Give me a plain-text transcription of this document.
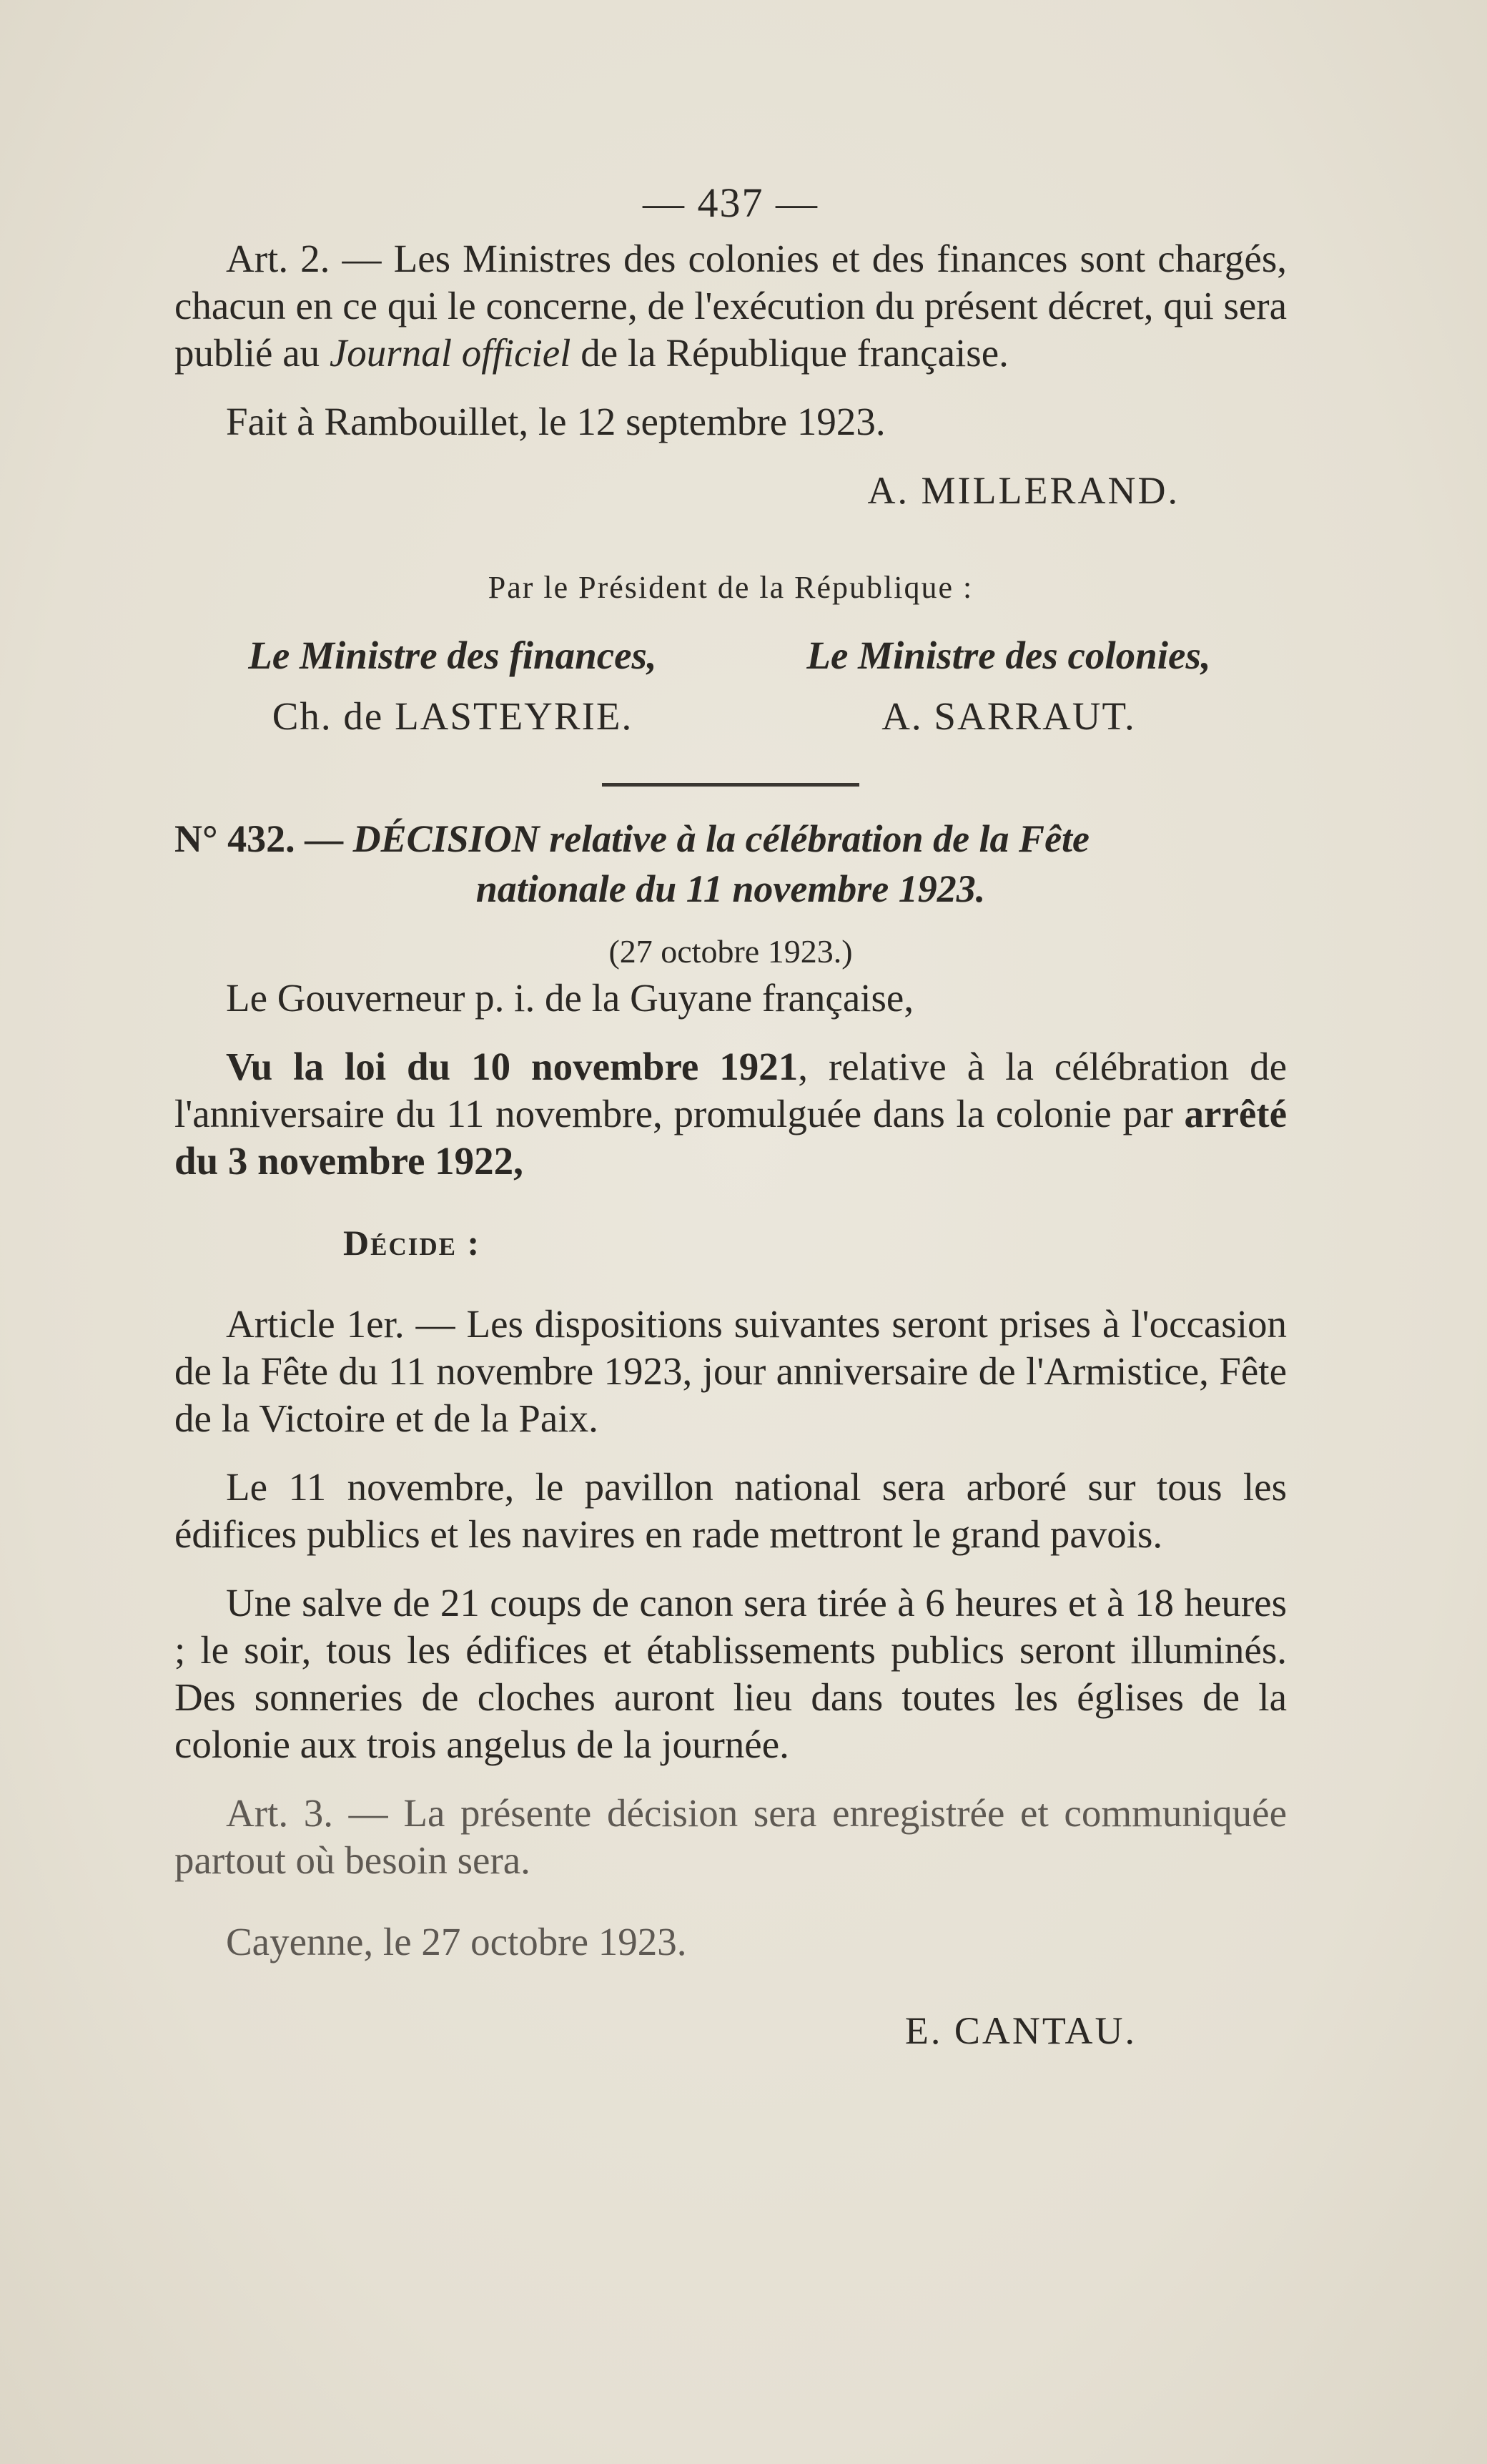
— 437 —

Art. 2. — Les Ministres des colonies et des finances sont chargés, chacun en ce qui le concerne, de l'exécution du présent décret, qui sera publié au Journal officiel de la République française.

Fait à Rambouillet, le 12 septembre 1923.

A. MILLERAND.

Par le Président de la République :

Le Ministre des finances,	Le Ministre des colonies,
Ch. de LASTEYRIE.	A. SARRAUT.
N° 432. — DÉCISION relative à la célébration de la Fête
nationale du 11 novembre 1923.
(27 octobre 1923.)

Le Gouverneur p. i. de la Guyane française,

Vu la loi du 10 novembre 1921, relative à la célébration de l'anniversaire du 11 novembre, promulguée dans la colonie par arrêté du 3 novembre 1922,

Décide :

Article 1er. — Les dispositions suivantes seront prises à l'occasion de la Fête du 11 novembre 1923, jour anniversaire de l'Armistice, Fête de la Victoire et de la Paix.

Le 11 novembre, le pavillon national sera arboré sur tous les édifices publics et les navires en rade mettront le grand pavois.

Une salve de 21 coups de canon sera tirée à 6 heures et à 18 heures ; le soir, tous les édifices et établissements publics seront illuminés. Des sonneries de cloches auront lieu dans toutes les églises de la colonie aux trois angelus de la journée.

Art. 3. — La présente décision sera enregistrée et communiquée partout où besoin sera.

Cayenne, le 27 octobre 1923.

E. CANTAU.
